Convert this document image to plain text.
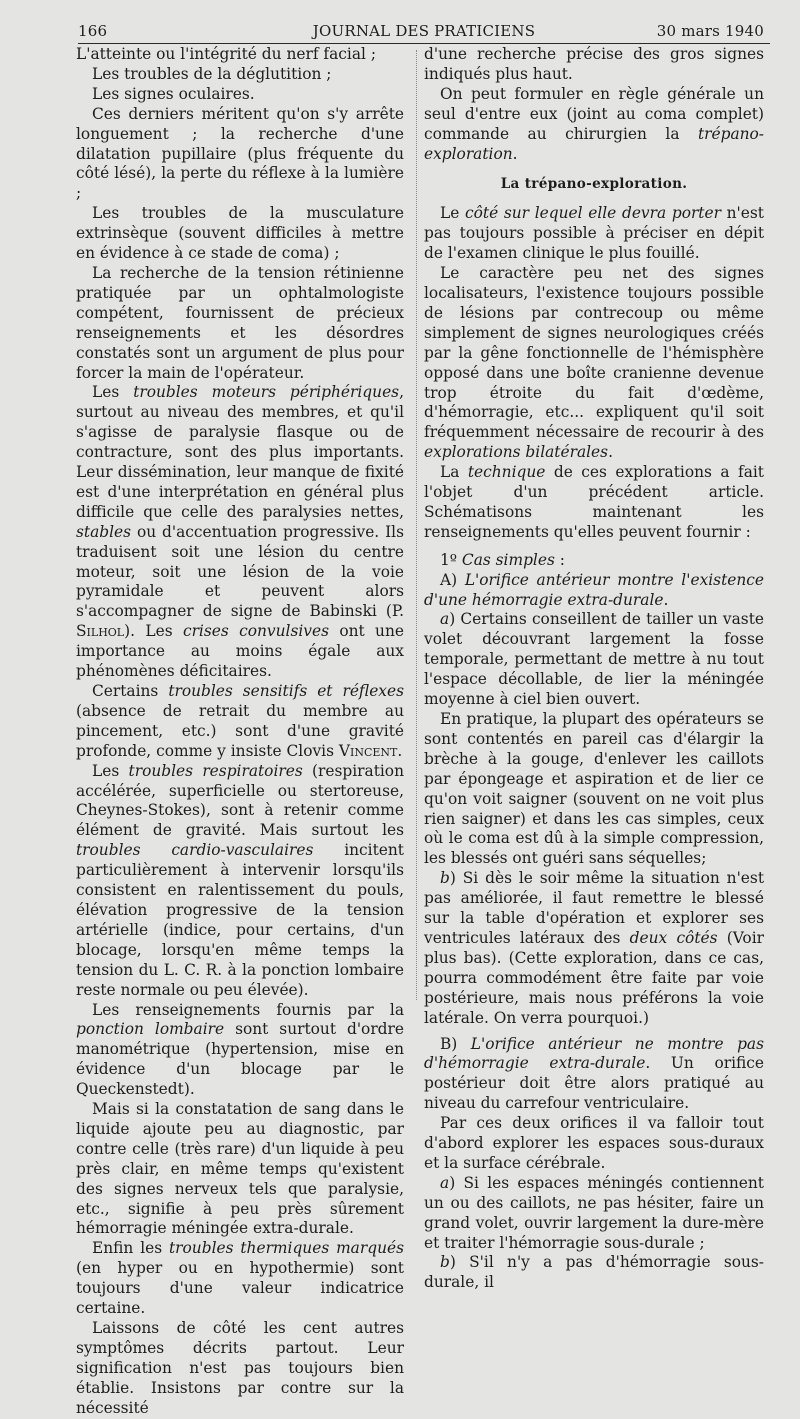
166	JOURNAL DES PRATICIENS	30 mars 1940

L'atteinte ou l'intégrité du nerf facial ;

Les troubles de la déglutition ;

Les signes oculaires.

Ces derniers méritent qu'on s'y arrête longuement ; la recherche d'une dilatation pupillaire (plus fréquente du côté lésé), la perte du réflexe à la lumière ;

Les troubles de la musculature extrinsèque (souvent difficiles à mettre en évidence à ce stade de coma) ;

La recherche de la tension rétinienne pratiquée par un ophtalmologiste compétent, fournissent de précieux renseignements et les désordres constatés sont un argument de plus pour forcer la main de l'opérateur.

Les troubles moteurs périphériques, surtout au niveau des membres, et qu'il s'agisse de paralysie flasque ou de contracture, sont des plus importants. Leur dissémination, leur manque de fixité est d'une interprétation en général plus difficile que celle des paralysies nettes, stables ou d'accentuation progressive. Ils traduisent soit une lésion du centre moteur, soit une lésion de la voie pyramidale et peuvent alors s'accompagner de signe de Babinski (P. Silhol). Les crises convulsives ont une importance au moins égale aux phénomènes déficitaires.

Certains troubles sensitifs et réflexes (absence de retrait du membre au pincement, etc.) sont d'une gravité profonde, comme y insiste Clovis Vincent.

Les troubles respiratoires (respiration accélérée, superficielle ou stertoreuse, Cheynes-Stokes), sont à retenir comme élément de gravité. Mais surtout les troubles cardio-vasculaires incitent particulièrement à intervenir lorsqu'ils consistent en ralentissement du pouls, élévation progressive de la tension artérielle (indice, pour certains, d'un blocage, lorsqu'en même temps la tension du L. C. R. à la ponction lombaire reste normale ou peu élevée).

Les renseignements fournis par la ponction lombaire sont surtout d'ordre manométrique (hypertension, mise en évidence d'un blocage par le Queckenstedt).

Mais si la constatation de sang dans le liquide ajoute peu au diagnostic, par contre celle (très rare) d'un liquide à peu près clair, en même temps qu'existent des signes nerveux tels que paralysie, etc., signifie à peu près sûrement hémorragie méningée extra-durale.

Enfin les troubles thermiques marqués (en hyper ou en hypothermie) sont toujours d'une valeur indicatrice certaine.

Laissons de côté les cent autres symptômes décrits partout. Leur signification n'est pas toujours bien établie. Insistons par contre sur la nécessité

d'une recherche précise des gros signes indiqués plus haut.

On peut formuler en règle générale un seul d'entre eux (joint au coma complet) commande au chirurgien la trépano-exploration.

La trépano-exploration.

Le côté sur lequel elle devra porter n'est pas toujours possible à préciser en dépit de l'examen clinique le plus fouillé.

Le caractère peu net des signes localisateurs, l'existence toujours possible de lésions par contrecoup ou même simplement de signes neurologiques créés par la gêne fonctionnelle de l'hémisphère opposé dans une boîte cranienne devenue trop étroite du fait d'œdème, d'hémorragie, etc... expliquent qu'il soit fréquemment nécessaire de recourir à des explorations bilatérales.

La technique de ces explorations a fait l'objet d'un précédent article. Schématisons maintenant les renseignements qu'elles peuvent fournir :

1º Cas simples :

A) L'orifice antérieur montre l'existence d'une hémorragie extra-durale.

a) Certains conseillent de tailler un vaste volet découvrant largement la fosse temporale, permettant de mettre à nu tout l'espace décollable, de lier la méningée moyenne à ciel bien ouvert.

En pratique, la plupart des opérateurs se sont contentés en pareil cas d'élargir la brèche à la gouge, d'enlever les caillots par épongeage et aspiration et de lier ce qu'on voit saigner (souvent on ne voit plus rien saigner) et dans les cas simples, ceux où le coma est dû à la simple compression, les blessés ont guéri sans séquelles;

b) Si dès le soir même la situation n'est pas améliorée, il faut remettre le blessé sur la table d'opération et explorer ses ventricules latéraux des deux côtés (Voir plus bas). (Cette exploration, dans ce cas, pourra commodément être faite par voie postérieure, mais nous préférons la voie latérale. On verra pourquoi.)

B) L'orifice antérieur ne montre pas d'hémorragie extra-durale. Un orifice postérieur doit être alors pratiqué au niveau du carrefour ventriculaire.

Par ces deux orifices il va falloir tout d'abord explorer les espaces sous-duraux et la surface cérébrale.

a) Si les espaces méningés contiennent un ou des caillots, ne pas hésiter, faire un grand volet, ouvrir largement la dure-mère et traiter l'hémorragie sous-durale ;

b) S'il n'y a pas d'hémorragie sous-durale, il
